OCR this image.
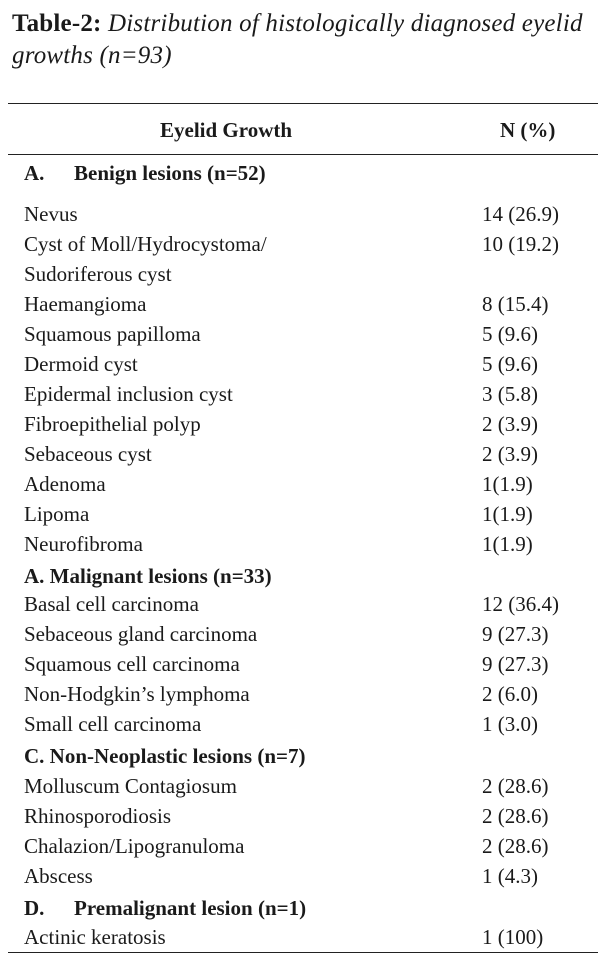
Table-2: Distribution of histologically diagnosed eyelid growths (n=93)
Eyelid Growth	N (%)
A. Benign lesions (n=52)
Nevus	14 (26.9)
Cyst of Moll/Hydrocystoma/	10 (19.2)
Sudoriferous cyst
Haemangioma	8 (15.4)
Squamous papilloma	5 (9.6)
Dermoid cyst	5 (9.6)
Epidermal inclusion cyst	3 (5.8)
Fibroepithelial polyp	2 (3.9)
Sebaceous cyst	2 (3.9)
Adenoma	1(1.9)
Lipoma	1(1.9)
Neurofibroma	1(1.9)
A. Malignant lesions (n=33)
Basal cell carcinoma	12 (36.4)
Sebaceous gland carcinoma	9 (27.3)
Squamous cell carcinoma	9 (27.3)
Non-Hodgkin’s lymphoma	2 (6.0)
Small cell carcinoma	1 (3.0)
C. Non-Neoplastic lesions (n=7)
Molluscum Contagiosum	2 (28.6)
Rhinosporodiosis	2 (28.6)
Chalazion/Lipogranuloma	2 (28.6)
Abscess	1 (4.3)
D. Premalignant lesion (n=1)
Actinic keratosis	1 (100)
